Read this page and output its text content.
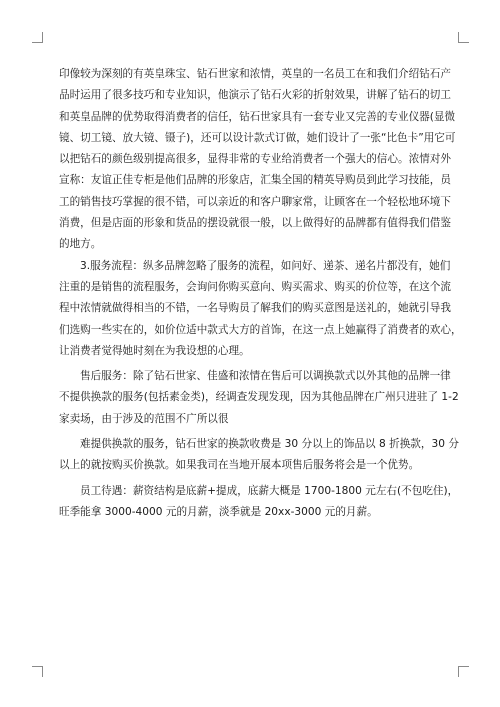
印像较为深刻的有英皇珠宝、钻石世家和浓情，英皇的一名员工在和我们介绍钻石产
品时运用了很多技巧和专业知识，他演示了钻石火彩的折射效果，讲解了钻石的切工
和英皇品牌的优势取得消费者的信任，钻石世家具有一套专业又完善的专业仪器(显微
镜、切工镜、放大镜、镊子)，还可以设计款式订做，她们设计了一张“比色卡”用它可
以把钻石的颜色级别提高很多，显得非常的专业给消费者一个强大的信心。浓情对外
宣称：友谊正佳专柜是他们品牌的形象店，汇集全国的精英导购员到此学习技能，员
工的销售技巧掌握的很不错，可以亲近的和客户聊家常，让顾客在一个轻松地环境下
消费，但是店面的形象和货品的摆设就很一般，以上做得好的品牌都有值得我们借鉴
的地方。
3.服务流程：纵多品牌忽略了服务的流程，如问好、递茶、递名片都没有，她们
注重的是销售的流程服务，会询问你购买意向、购买需求、购买的价位等，在这个流
程中浓情就做得相当的不错，一名导购员了解我们的购买意图是送礼的，她就引导我
们选购一些实在的，如价位适中款式大方的首饰，在这一点上她赢得了消费者的欢心，
让消费者觉得她时刻在为我设想的心理。
售后服务：除了钻石世家、佳盛和浓情在售后可以调换款式以外其他的品牌一律
不提供换款的服务(包括素金类)，经调查发现发现，因为其他品牌在广州只进驻了 1-2
家卖场，由于涉及的范围不广所以很
难提供换款的服务，钻石世家的换款收费是 30 分以上的饰品以 8 折换款，30 分
以上的就按购买价换款。如果我司在当地开展本项售后服务将会是一个优势。
员工待遇：薪资结构是底薪+提成，底薪大概是 1700-1800 元左右(不包吃住)，
旺季能拿 3000-4000 元的月薪，淡季就是 20xx-3000 元的月薪。
